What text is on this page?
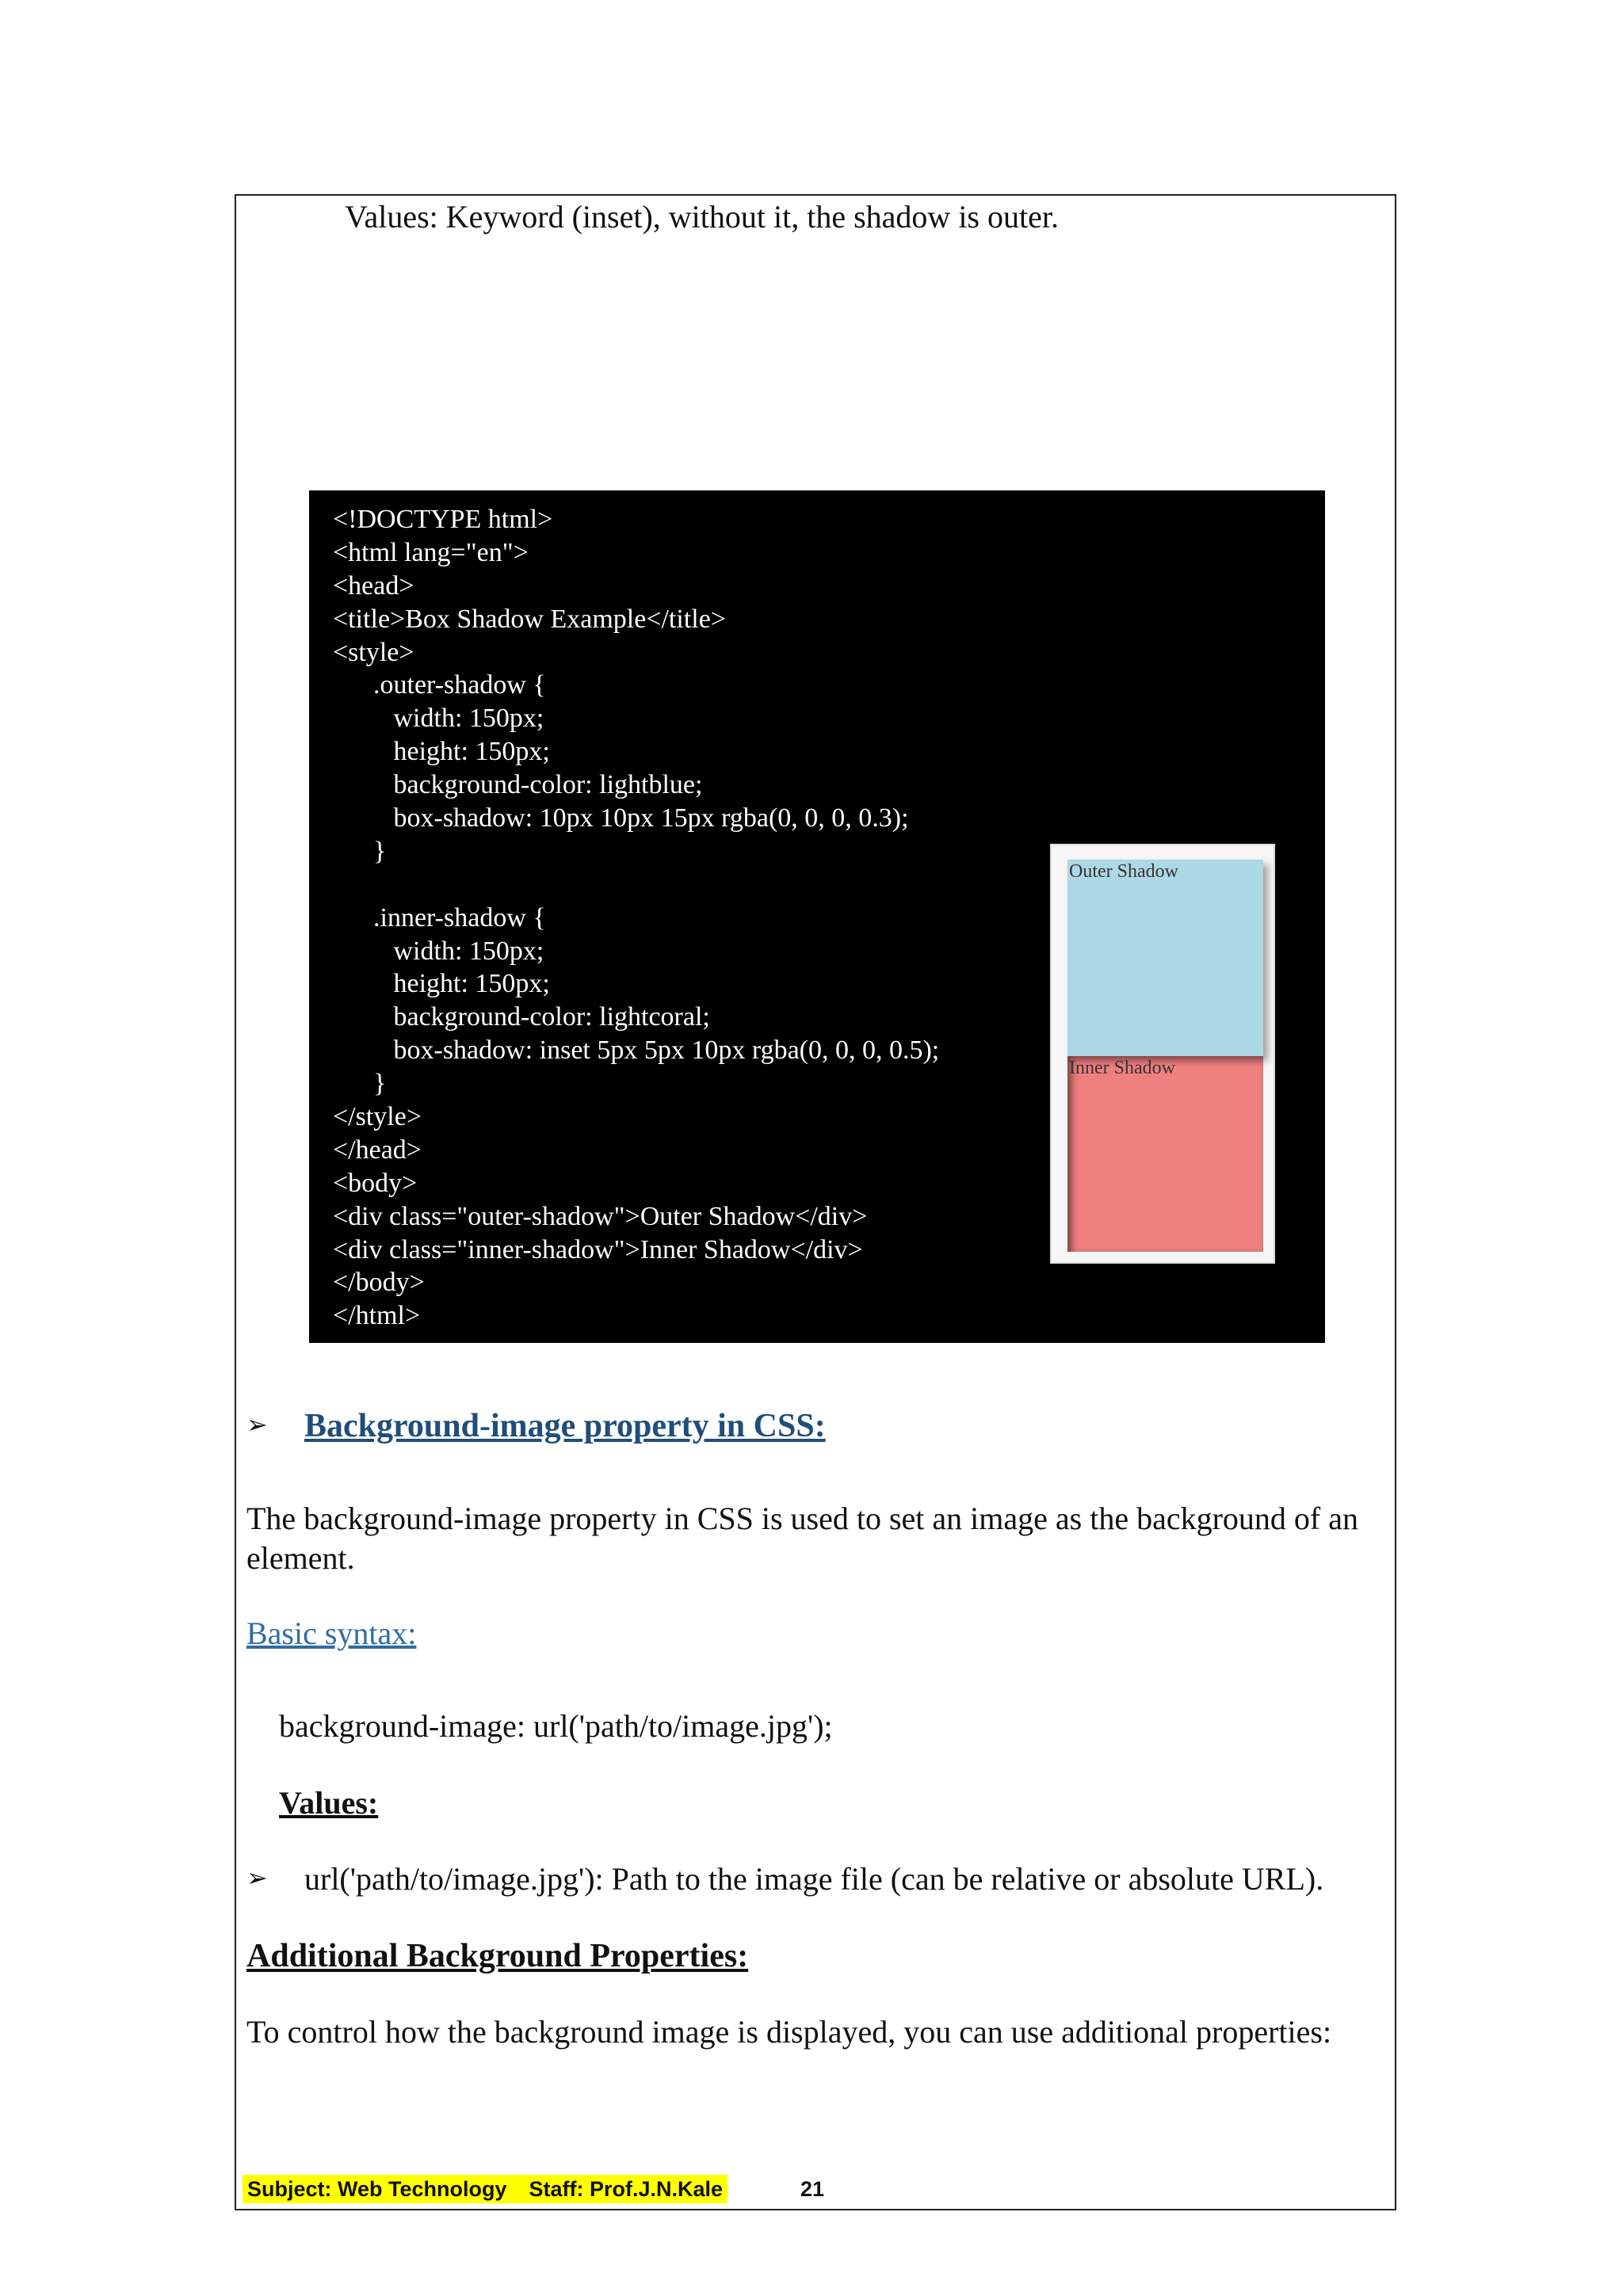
Values: Keyword (inset), without it, the shadow is outer.
<!DOCTYPE html>
<html lang="en">
<head>
<title>Box Shadow Example</title>
<style>
.outer-shadow {
width: 150px;
height: 150px;
background-color: lightblue;
box-shadow: 10px 10px 15px rgba(0, 0, 0, 0.3);
}
.inner-shadow {
width: 150px;
height: 150px;
background-color: lightcoral;
box-shadow: inset 5px 5px 10px rgba(0, 0, 0, 0.5);
}
</style>
</head>
<body>
<div class="outer-shadow">Outer Shadow</div>
<div class="inner-shadow">Inner Shadow</div>
</body>
</html>
Outer Shadow
Inner Shadow
➢ Background-image property in CSS:
The background-image property in CSS is used to set an image as the background of an element.
Basic syntax:
background-image: url('path/to/image.jpg');
Values:
➢ url('path/to/image.jpg'): Path to the image file (can be relative or absolute URL).
Additional Background Properties:
To control how the background image is displayed, you can use additional properties:
Subject: Web Technology Staff: Prof.J.N.Kale	21
